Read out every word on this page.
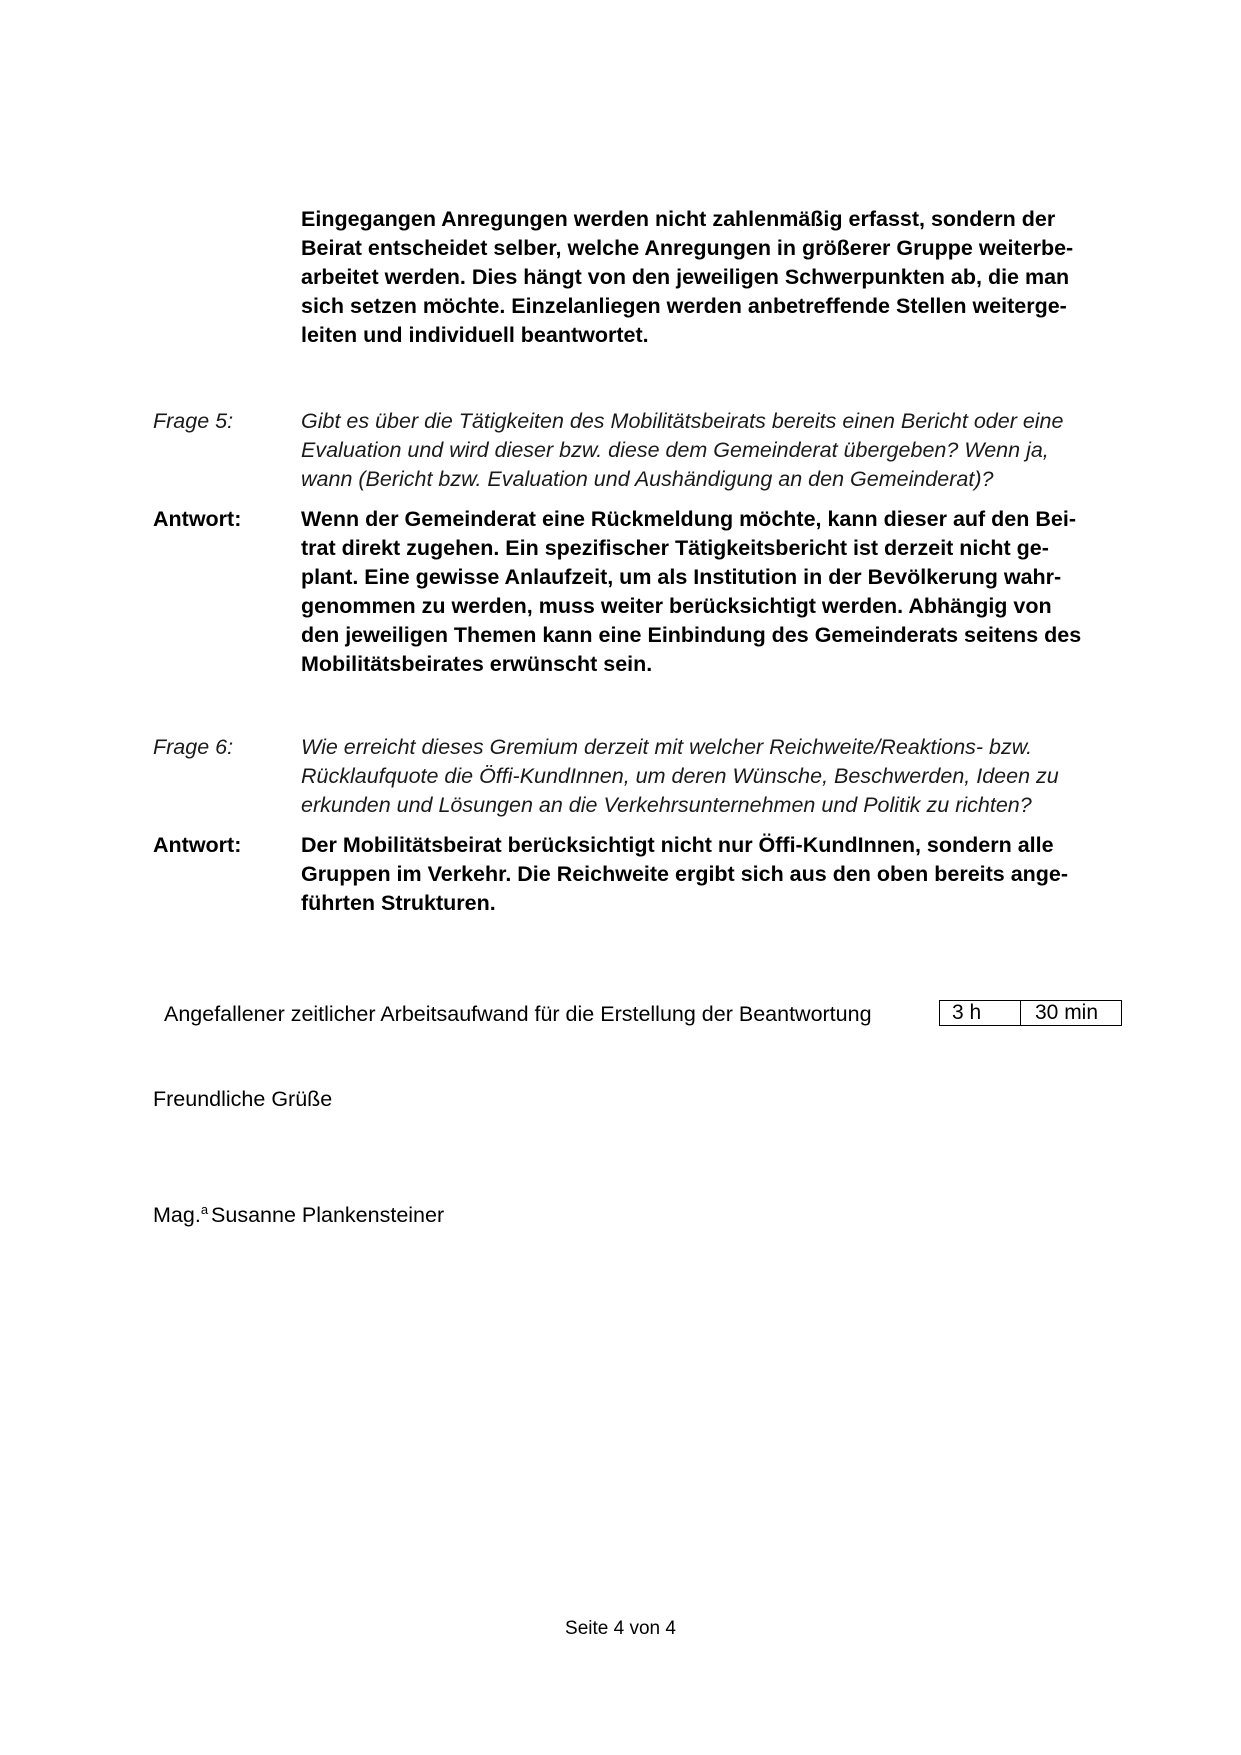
Eingegangen Anregungen werden nicht zahlenmäßig erfasst, sondern der
Beirat entscheidet selber, welche Anregungen in größerer Gruppe weiterbe-
arbeitet werden. Dies hängt von den jeweiligen Schwerpunkten ab, die man
sich setzen möchte. Einzelanliegen werden anbetreffende Stellen weiterge-
leiten und individuell beantwortet.
Frage 5:	Gibt es über die Tätigkeiten des Mobilitätsbeirats bereits einen Bericht oder eine
Evaluation und wird dieser bzw. diese dem Gemeinderat übergeben? Wenn ja,
wann (Bericht bzw. Evaluation und Aushändigung an den Gemeinderat)?
Antwort:	Wenn der Gemeinderat eine Rückmeldung möchte, kann dieser auf den Bei-
trat direkt zugehen. Ein spezifischer Tätigkeitsbericht ist derzeit nicht ge-
plant. Eine gewisse Anlaufzeit, um als Institution in der Bevölkerung wahr-
genommen zu werden, muss weiter berücksichtigt werden. Abhängig von
den jeweiligen Themen kann eine Einbindung des Gemeinderats seitens des
Mobilitätsbeirates erwünscht sein.
Frage 6:	Wie erreicht dieses Gremium derzeit mit welcher Reichweite/Reaktions- bzw.
Rücklaufquote die Öffi-KundInnen, um deren Wünsche, Beschwerden, Ideen zu
erkunden und Lösungen an die Verkehrsunternehmen und Politik zu richten?
Antwort:	Der Mobilitätsbeirat berücksichtigt nicht nur Öffi-KundInnen, sondern alle
Gruppen im Verkehr. Die Reichweite ergibt sich aus den oben bereits ange-
führten Strukturen.
Angefallener zeitlicher Arbeitsaufwand für die Erstellung der Beantwortung	3 h	30 min
Freundliche Grüße
Mag.$^a$ Susanne Plankensteiner
Seite 4 von 4
